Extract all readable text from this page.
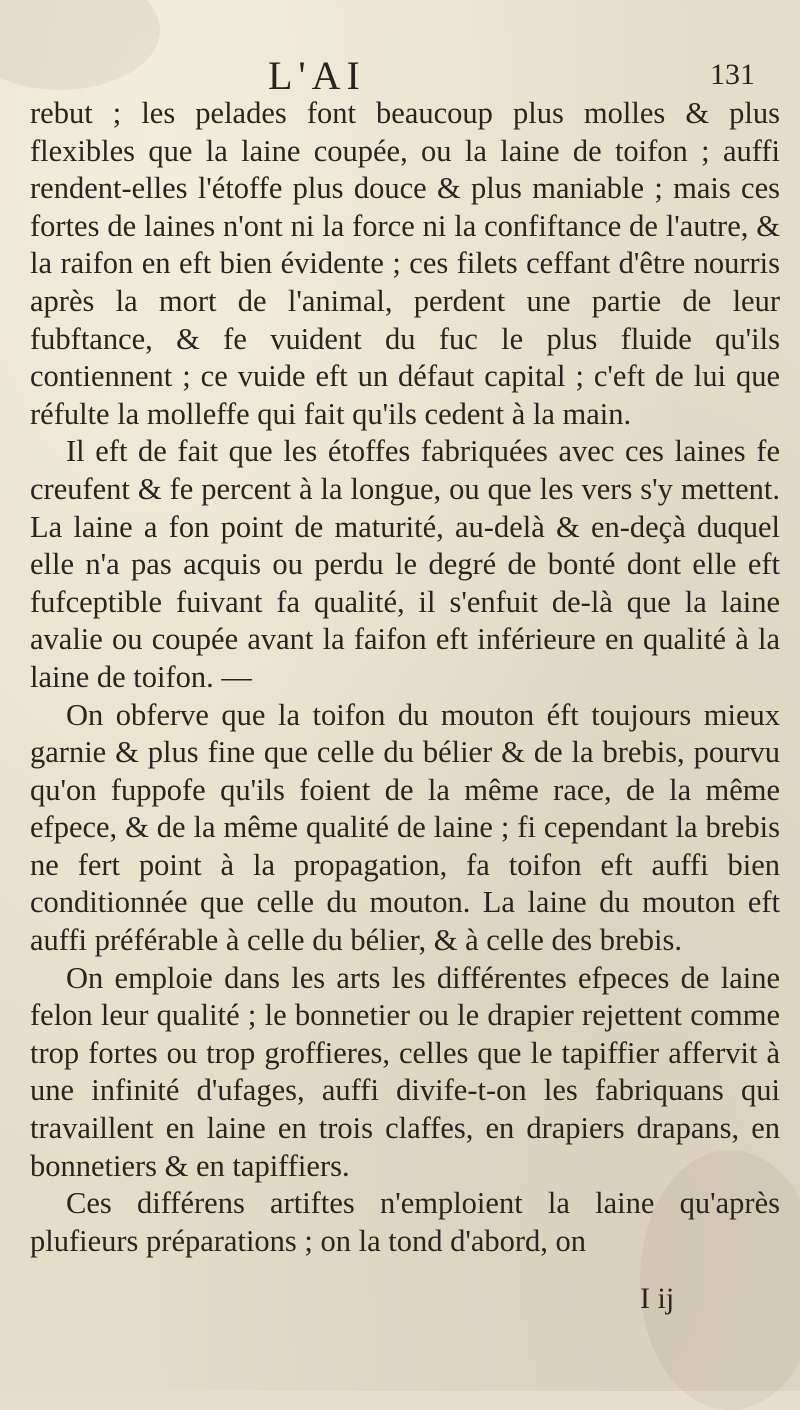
L'AI	131

rebut ; les pelades font beaucoup plus molles & plus flexibles que la laine coupée, ou la laine de toifon ; auffi rendent-elles l'étoffe plus douce & plus maniable ; mais ces fortes de laines n'ont ni la force ni la confiftance de l'autre, & la raifon en eft bien évidente ; ces filets ceffant d'être nourris après la mort de l'animal, perdent une partie de leur fubftance, & fe vuident du fuc le plus fluide qu'ils contiennent ; ce vuide eft un défaut capital ; c'eft de lui que réfulte la molleffe qui fait qu'ils cedent à la main.

Il eft de fait que les étoffes fabriquées avec ces laines fe creufent & fe percent à la longue, ou que les vers s'y mettent. La laine a fon point de maturité, au-delà & en-deçà duquel elle n'a pas acquis ou perdu le degré de bonté dont elle eft fufceptible fuivant fa qualité, il s'enfuit de-là que la laine avalie ou coupée avant la faifon eft inférieure en qualité à la laine de toifon. —

On obferve que la toifon du mouton éft toujours mieux garnie & plus fine que celle du bélier & de la brebis, pourvu qu'on fuppofe qu'ils foient de la même race, de la même efpece, & de la même qualité de laine ; fi cependant la brebis ne fert point à la propagation, fa toifon eft auffi bien conditionnée que celle du mouton. La laine du mouton eft auffi préférable à celle du bélier, & à celle des brebis.

On emploie dans les arts les différentes efpeces de laine felon leur qualité ; le bonnetier ou le drapier rejettent comme trop fortes ou trop groffieres, celles que le tapiffier affervit à une infinité d'ufages, auffi divife-t-on les fabriquans qui travaillent en laine en trois claffes, en drapiers drapans, en bonnetiers & en tapiffiers.

Ces différens artiftes n'emploient la laine qu'après plufieurs préparations ; on la tond d'abord, on

I ij
